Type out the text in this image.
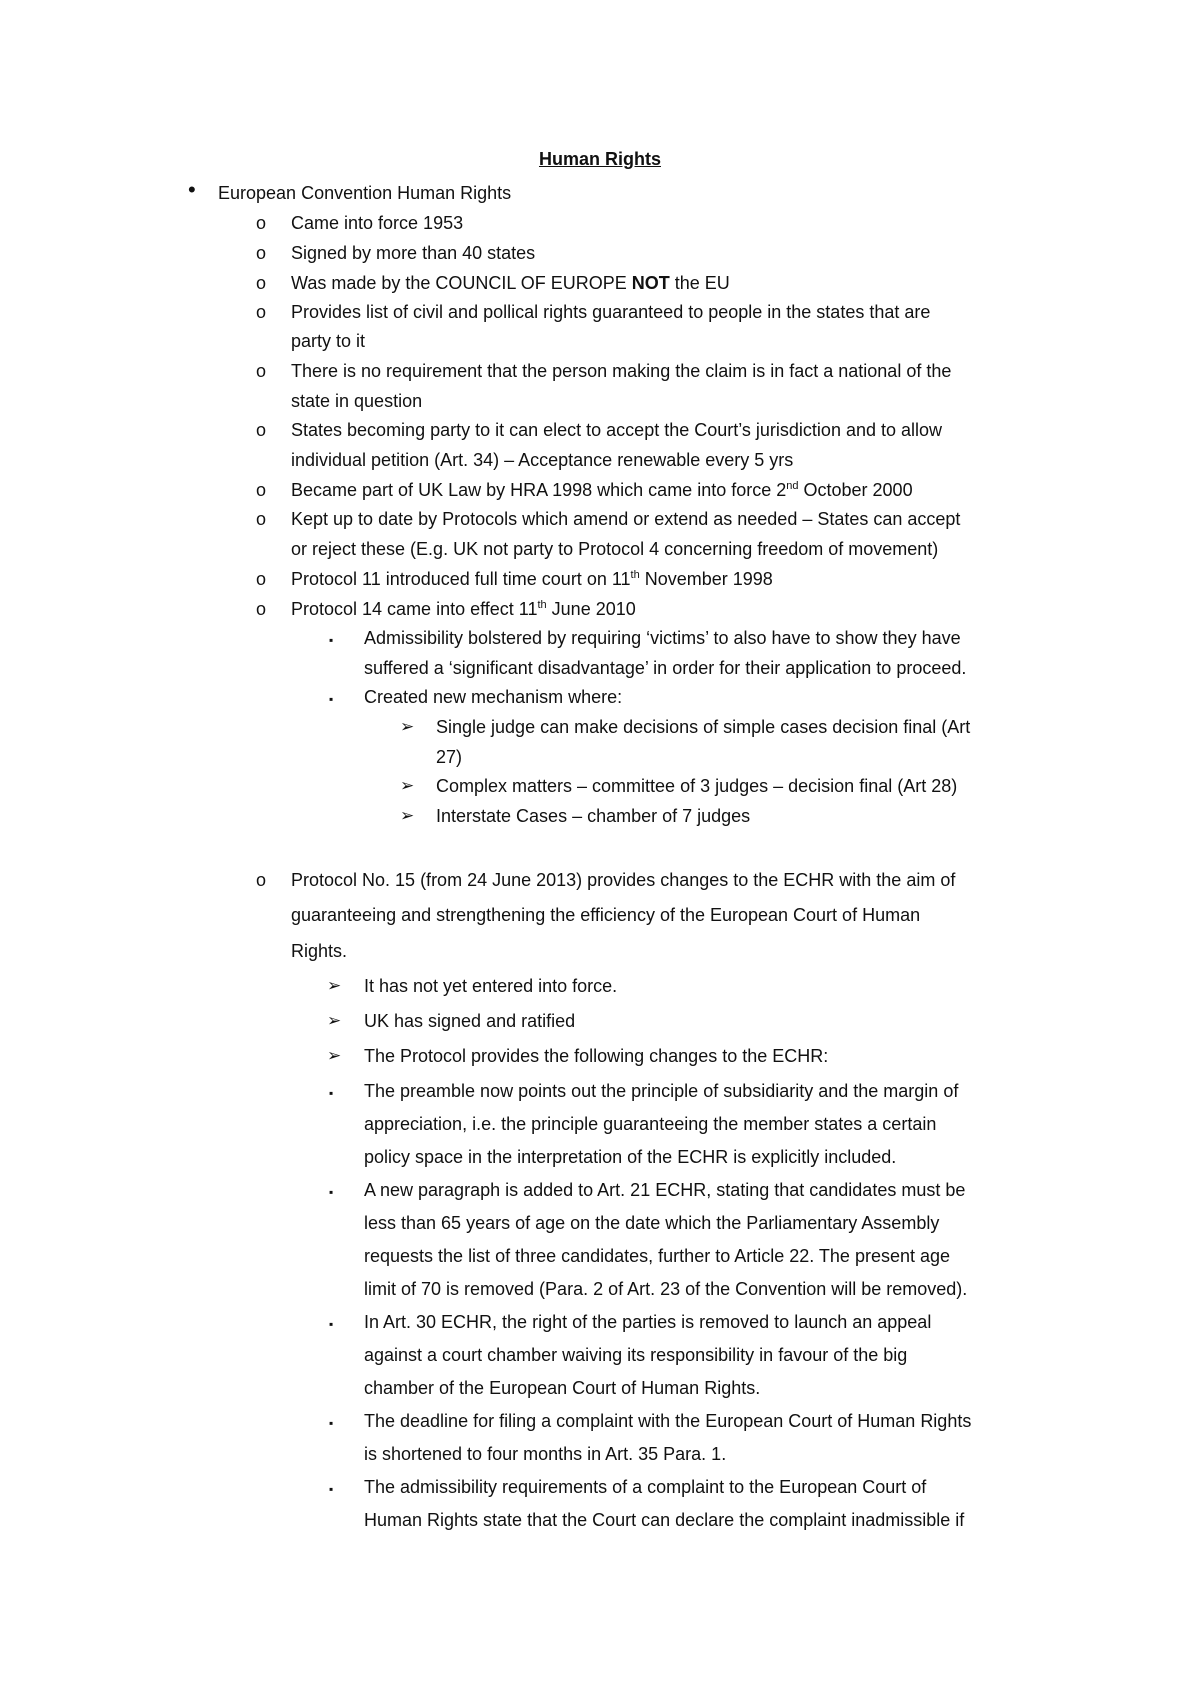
Human Rights
• European Convention Human Rights
o Came into force 1953
o Signed by more than 40 states
o Was made by the COUNCIL OF EUROPE NOT the EU
o Provides list of civil and pollical rights guaranteed to people in the states that are
party to it
o There is no requirement that the person making the claim is in fact a national of the
state in question
o States becoming party to it can elect to accept the Court’s jurisdiction and to allow
individual petition (Art. 34) – Acceptance renewable every 5 yrs
o Became part of UK Law by HRA 1998 which came into force 2nd October 2000
o Kept up to date by Protocols which amend or extend as needed – States can accept
or reject these (E.g. UK not party to Protocol 4 concerning freedom of movement)
o Protocol 11 introduced full time court on 11th November 1998
o Protocol 14 came into effect 11th June 2010
▪ Admissibility bolstered by requiring ‘victims’ to also have to show they have
suffered a ‘significant disadvantage’ in order for their application to proceed.
▪ Created new mechanism where:
➢ Single judge can make decisions of simple cases decision final (Art
27)
➢ Complex matters – committee of 3 judges – decision final (Art 28)
➢ Interstate Cases – chamber of 7 judges
o Protocol No. 15 (from 24 June 2013) provides changes to the ECHR with the aim of
guaranteeing and strengthening the efficiency of the European Court of Human
Rights.
➢ It has not yet entered into force.
➢ UK has signed and ratified
➢ The Protocol provides the following changes to the ECHR:
▪ The preamble now points out the principle of subsidiarity and the margin of
appreciation, i.e. the principle guaranteeing the member states a certain
policy space in the interpretation of the ECHR is explicitly included.
▪ A new paragraph is added to Art. 21 ECHR, stating that candidates must be
less than 65 years of age on the date which the Parliamentary Assembly
requests the list of three candidates, further to Article 22. The present age
limit of 70 is removed (Para. 2 of Art. 23 of the Convention will be removed).
▪ In Art. 30 ECHR, the right of the parties is removed to launch an appeal
against a court chamber waiving its responsibility in favour of the big
chamber of the European Court of Human Rights.
▪ The deadline for filing a complaint with the European Court of Human Rights
is shortened to four months in Art. 35 Para. 1.
▪ The admissibility requirements of a complaint to the European Court of
Human Rights state that the Court can declare the complaint inadmissible if
